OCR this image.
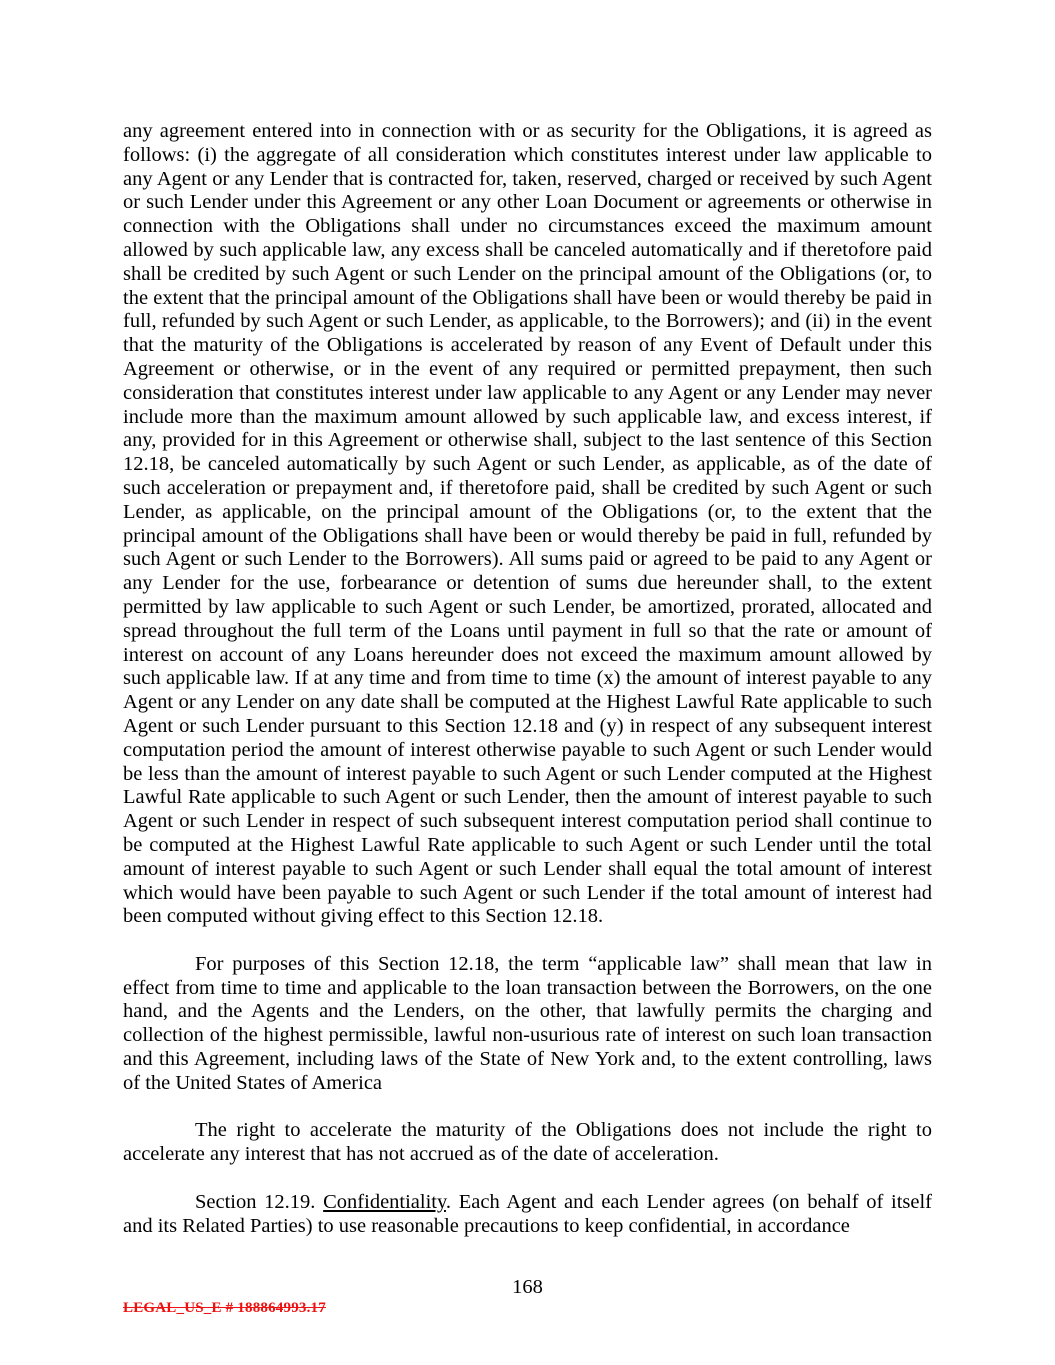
any agreement entered into in connection with or as security for the Obligations, it is agreed as follows: (i) the aggregate of all consideration which constitutes interest under law applicable to any Agent or any Lender that is contracted for, taken, reserved, charged or received by such Agent or such Lender under this Agreement or any other Loan Document or agreements or otherwise in connection with the Obligations shall under no circumstances exceed the maximum amount allowed by such applicable law, any excess shall be canceled automatically and if theretofore paid shall be credited by such Agent or such Lender on the principal amount of the Obligations (or, to the extent that the principal amount of the Obligations shall have been or would thereby be paid in full, refunded by such Agent or such Lender, as applicable, to the Borrowers); and (ii) in the event that the maturity of the Obligations is accelerated by reason of any Event of Default under this Agreement or otherwise, or in the event of any required or permitted prepayment, then such consideration that constitutes interest under law applicable to any Agent or any Lender may never include more than the maximum amount allowed by such applicable law, and excess interest, if any, provided for in this Agreement or otherwise shall, subject to the last sentence of this Section 12.18, be canceled automatically by such Agent or such Lender, as applicable, as of the date of such acceleration or prepayment and, if theretofore paid, shall be credited by such Agent or such Lender, as applicable, on the principal amount of the Obligations (or, to the extent that the principal amount of the Obligations shall have been or would thereby be paid in full, refunded by such Agent or such Lender to the Borrowers). All sums paid or agreed to be paid to any Agent or any Lender for the use, forbearance or detention of sums due hereunder shall, to the extent permitted by law applicable to such Agent or such Lender, be amortized, prorated, allocated and spread throughout the full term of the Loans until payment in full so that the rate or amount of interest on account of any Loans hereunder does not exceed the maximum amount allowed by such applicable law. If at any time and from time to time (x) the amount of interest payable to any Agent or any Lender on any date shall be computed at the Highest Lawful Rate applicable to such Agent or such Lender pursuant to this Section 12.18 and (y) in respect of any subsequent interest computation period the amount of interest otherwise payable to such Agent or such Lender would be less than the amount of interest payable to such Agent or such Lender computed at the Highest Lawful Rate applicable to such Agent or such Lender, then the amount of interest payable to such Agent or such Lender in respect of such subsequent interest computation period shall continue to be computed at the Highest Lawful Rate applicable to such Agent or such Lender until the total amount of interest payable to such Agent or such Lender shall equal the total amount of interest which would have been payable to such Agent or such Lender if the total amount of interest had been computed without giving effect to this Section 12.18.

For purposes of this Section 12.18, the term “applicable law” shall mean that law in effect from time to time and applicable to the loan transaction between the Borrowers, on the one hand, and the Agents and the Lenders, on the other, that lawfully permits the charging and collection of the highest permissible, lawful non-usurious rate of interest on such loan transaction and this Agreement, including laws of the State of New York and, to the extent controlling, laws of the United States of America

The right to accelerate the maturity of the Obligations does not include the right to accelerate any interest that has not accrued as of the date of acceleration.

Section 12.19. Confidentiality. Each Agent and each Lender agrees (on behalf of itself and its Related Parties) to use reasonable precautions to keep confidential, in accordance

168
LEGAL_US_E # 188864993.17
